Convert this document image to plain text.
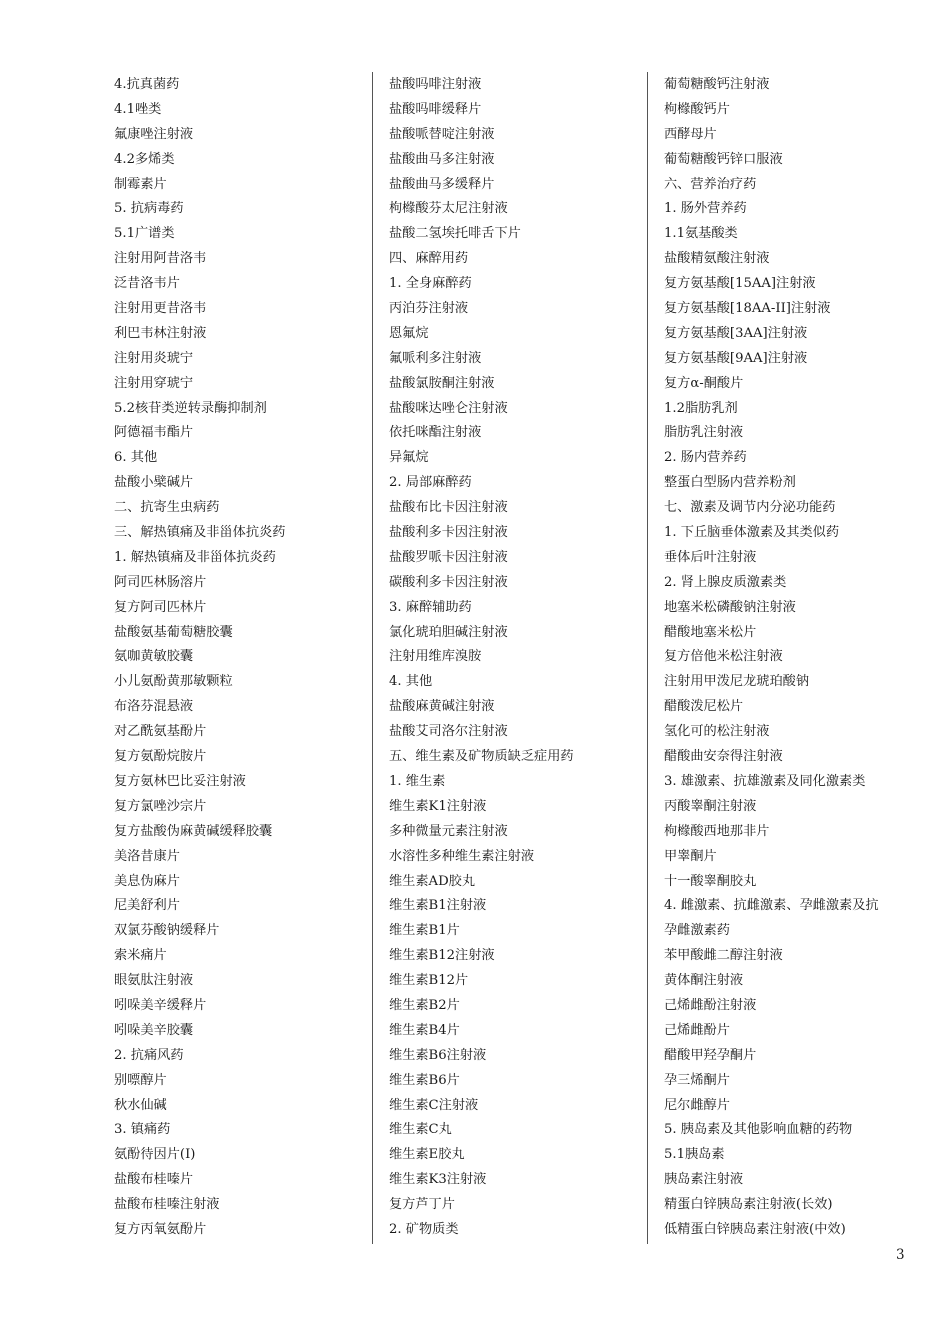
4.抗真菌药
4.1唑类
氟康唑注射液
4.2多烯类
制霉素片
5. 抗病毒药
5.1广谱类
注射用阿昔洛韦
泛昔洛韦片
注射用更昔洛韦
利巴韦林注射液
注射用炎琥宁
注射用穿琥宁
5.2核苷类逆转录酶抑制剂
阿德福韦酯片
6. 其他
盐酸小檗碱片
二、抗寄生虫病药
三、解热镇痛及非甾体抗炎药
1. 解热镇痛及非甾体抗炎药
阿司匹林肠溶片
复方阿司匹林片
盐酸氨基葡萄糖胶囊
氨咖黄敏胶囊
小儿氨酚黄那敏颗粒
布洛芬混悬液
对乙酰氨基酚片
复方氨酚烷胺片
复方氨林巴比妥注射液
复方氯唑沙宗片
复方盐酸伪麻黄碱缓释胶囊
美洛昔康片
美息伪麻片
尼美舒利片
双氯芬酸钠缓释片
索米痛片
眼氨肽注射液
吲哚美辛缓释片
吲哚美辛胶囊
2. 抗痛风药
别嘌醇片
秋水仙碱
3. 镇痛药
氨酚待因片(Ⅰ)
盐酸布桂嗪片
盐酸布桂嗪注射液
复方丙氧氨酚片
盐酸吗啡注射液
盐酸吗啡缓释片
盐酸哌替啶注射液
盐酸曲马多注射液
盐酸曲马多缓释片
枸橼酸芬太尼注射液
盐酸二氢埃托啡舌下片
四、麻醉用药
1. 全身麻醉药
丙泊芬注射液
恩氟烷
氟哌利多注射液
盐酸氯胺酮注射液
盐酸咪达唑仑注射液
依托咪酯注射液
异氟烷
2. 局部麻醉药
盐酸布比卡因注射液
盐酸利多卡因注射液
盐酸罗哌卡因注射液
碳酸利多卡因注射液
3. 麻醉辅助药
氯化琥珀胆碱注射液
注射用维库溴胺
4. 其他
盐酸麻黄碱注射液
盐酸艾司洛尔注射液
五、维生素及矿物质缺乏症用药
1. 维生素
维生素K1注射液
多种微量元素注射液
水溶性多种维生素注射液
维生素AD胶丸
维生素B1注射液
维生素B1片
维生素B12注射液
维生素B12片
维生素B2片
维生素B4片
维生素B6注射液
维生素B6片
维生素C注射液
维生素C丸
维生素E胶丸
维生素K3注射液
复方芦丁片
2. 矿物质类
葡萄糖酸钙注射液
枸橼酸钙片
西酵母片
葡萄糖酸钙锌口服液
六、营养治疗药
1. 肠外营养药
1.1氨基酸类
盐酸精氨酸注射液
复方氨基酸[15AA]注射液
复方氨基酸[18AA-II]注射液
复方氨基酸[3AA]注射液
复方氨基酸[9AA]注射液
复方α-酮酸片
1.2脂肪乳剂
脂肪乳注射液
2. 肠内营养药
整蛋白型肠内营养粉剂
七、激素及调节内分泌功能药
1. 下丘脑垂体激素及其类似药
垂体后叶注射液
2. 肾上腺皮质激素类
地塞米松磷酸钠注射液
醋酸地塞米松片
复方倍他米松注射液
注射用甲泼尼龙琥珀酸钠
醋酸泼尼松片
氢化可的松注射液
醋酸曲安奈得注射液
3. 雄激素、抗雄激素及同化激素类
丙酸睾酮注射液
枸橼酸西地那非片
甲睾酮片
十一酸睾酮胶丸
4. 雌激素、抗雌激素、孕雌激素及抗
孕雌激素药
苯甲酸雌二醇注射液
黄体酮注射液
己烯雌酚注射液
己烯雌酚片
醋酸甲羟孕酮片
孕三烯酮片
尼尔雌醇片
5. 胰岛素及其他影响血糖的药物
5.1胰岛素
胰岛素注射液
精蛋白锌胰岛素注射液(长效)
低精蛋白锌胰岛素注射液(中效)
3
